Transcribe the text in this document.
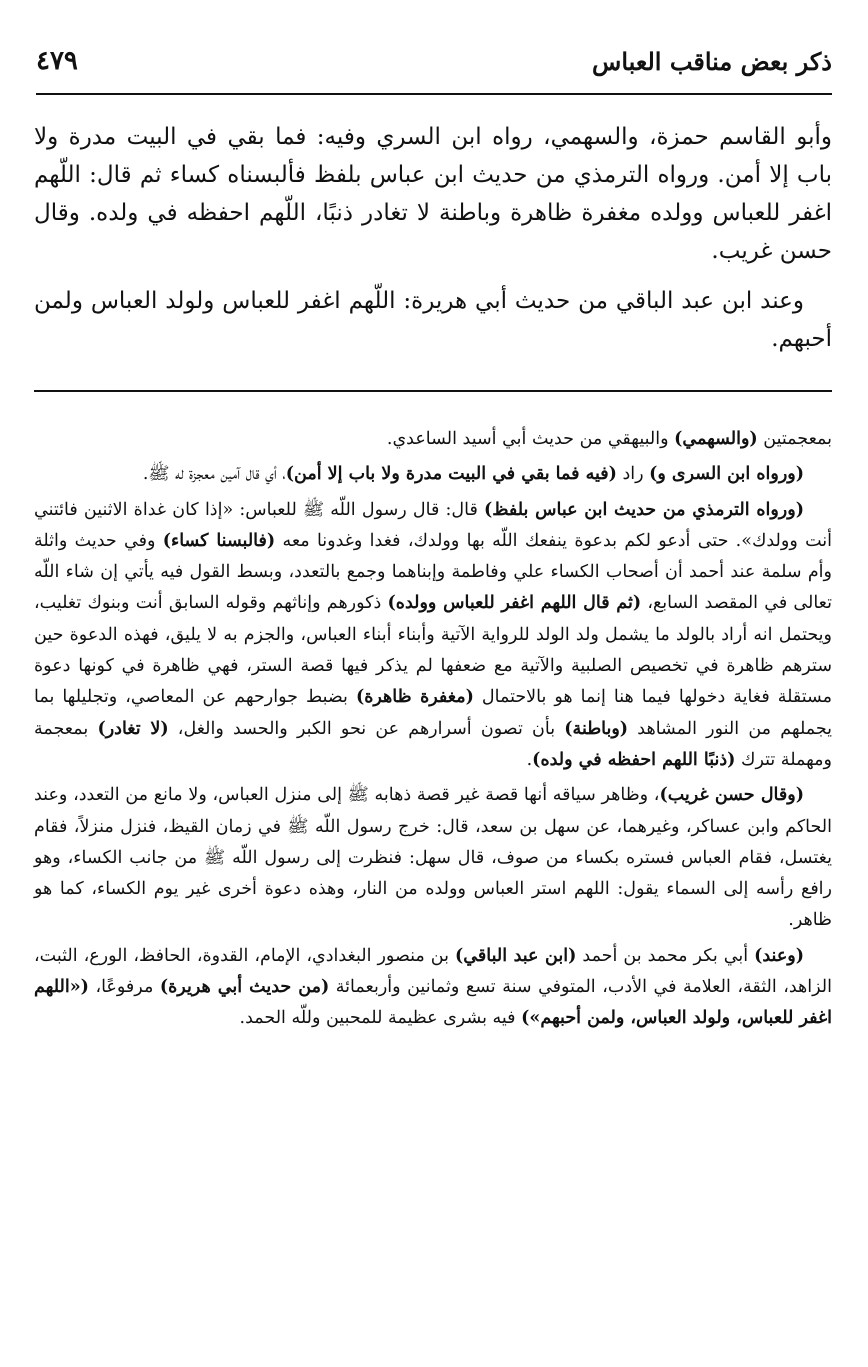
ذكر بعض مناقب العباس
٤٧٩

وأبو القاسم حمزة، والسهمي، رواه ابن السري وفيه: فما بقي في البيت مدرة ولا باب إلا أمن. ورواه الترمذي من حديث ابن عباس بلفظ فألبسناه كساء ثم قال: اللّهم اغفر للعباس وولده مغفرة ظاهرة وباطنة لا تغادر ذنبًا، اللّهم احفظه في ولده. وقال حسن غريب.

وعند ابن عبد الباقي من حديث أبي هريرة: اللّهم اغفر للعباس ولولد العباس ولمن أحبهم.

بمعجمتين (والسهمي) والبيهقي من حديث أبي أسيد الساعدي.

(ورواه ابن السرى و) راد (فيه فما بقي في البيت مدرة ولا باب إلا أمن)، أي قال آمين معجزة له ﷺ.

(ورواه الترمذي من حديث ابن عباس بلفظ) قال: قال رسول اللّه ﷺ للعباس: «إذا كان غداة الاثنين فائتني أنت وولدك». حتى أدعو لكم بدعوة ينفعك اللّه بها وولدك، فغدا وغدونا معه (فالبسنا كساء) وفي حديث واثلة وأم سلمة عند أحمد أن أصحاب الكساء علي وفاطمة وإبناهما وجمع بالتعدد، وبسط القول فيه يأتي إن شاء اللّه تعالى في المقصد السابع، (ثم قال اللهم اغفر للعباس وولده) ذكورهم وإناثهم وقوله السابق أنت وبنوك تغليب، ويحتمل انه أراد بالولد ما يشمل ولد الولد للرواية الآتية وأبناء أبناء العباس، والجزم به لا يليق، فهذه الدعوة حين سترهم ظاهرة في تخصيص الصلبية والآتية مع ضعفها لم يذكر فيها قصة الستر، فهي ظاهرة في كونها دعوة مستقلة فغاية دخولها فيما هنا إنما هو بالاحتمال (مغفرة ظاهرة) بضبط جوارحهم عن المعاصي، وتجليلها بما يجملهم من النور المشاهد (وباطنة) بأن تصون أسرارهم عن نحو الكبر والحسد والغل، (لا تغادر) بمعجمة ومهملة تترك (ذنبًا اللهم احفظه في ولده).

(وقال حسن غريب)، وظاهر سياقه أنها قصة غير قصة ذهابه ﷺ إلى منزل العباس، ولا مانع من التعدد، وعند الحاكم وابن عساكر، وغيرهما، عن سهل بن سعد، قال: خرج رسول اللّه ﷺ في زمان القيظ، فنزل منزلاً، فقام يغتسل، فقام العباس فستره بكساء من صوف، قال سهل: فنظرت إلى رسول اللّه ﷺ من جانب الكساء، وهو رافع رأسه إلى السماء يقول: اللهم استر العباس وولده من النار، وهذه دعوة أخرى غير يوم الكساء، كما هو ظاهر.

(وعند) أبي بكر محمد بن أحمد (ابن عبد الباقي) بن منصور البغدادي، الإمام، القدوة، الحافظ، الورع، الثبت، الزاهد، الثقة، العلامة في الأدب، المتوفي سنة تسع وثمانين وأربعمائة (من حديث أبي هريرة) مرفوعًا، («اللهم اغفر للعباس، ولولد العباس، ولمن أحبهم») فيه بشرى عظيمة للمحبين وللّه الحمد.
